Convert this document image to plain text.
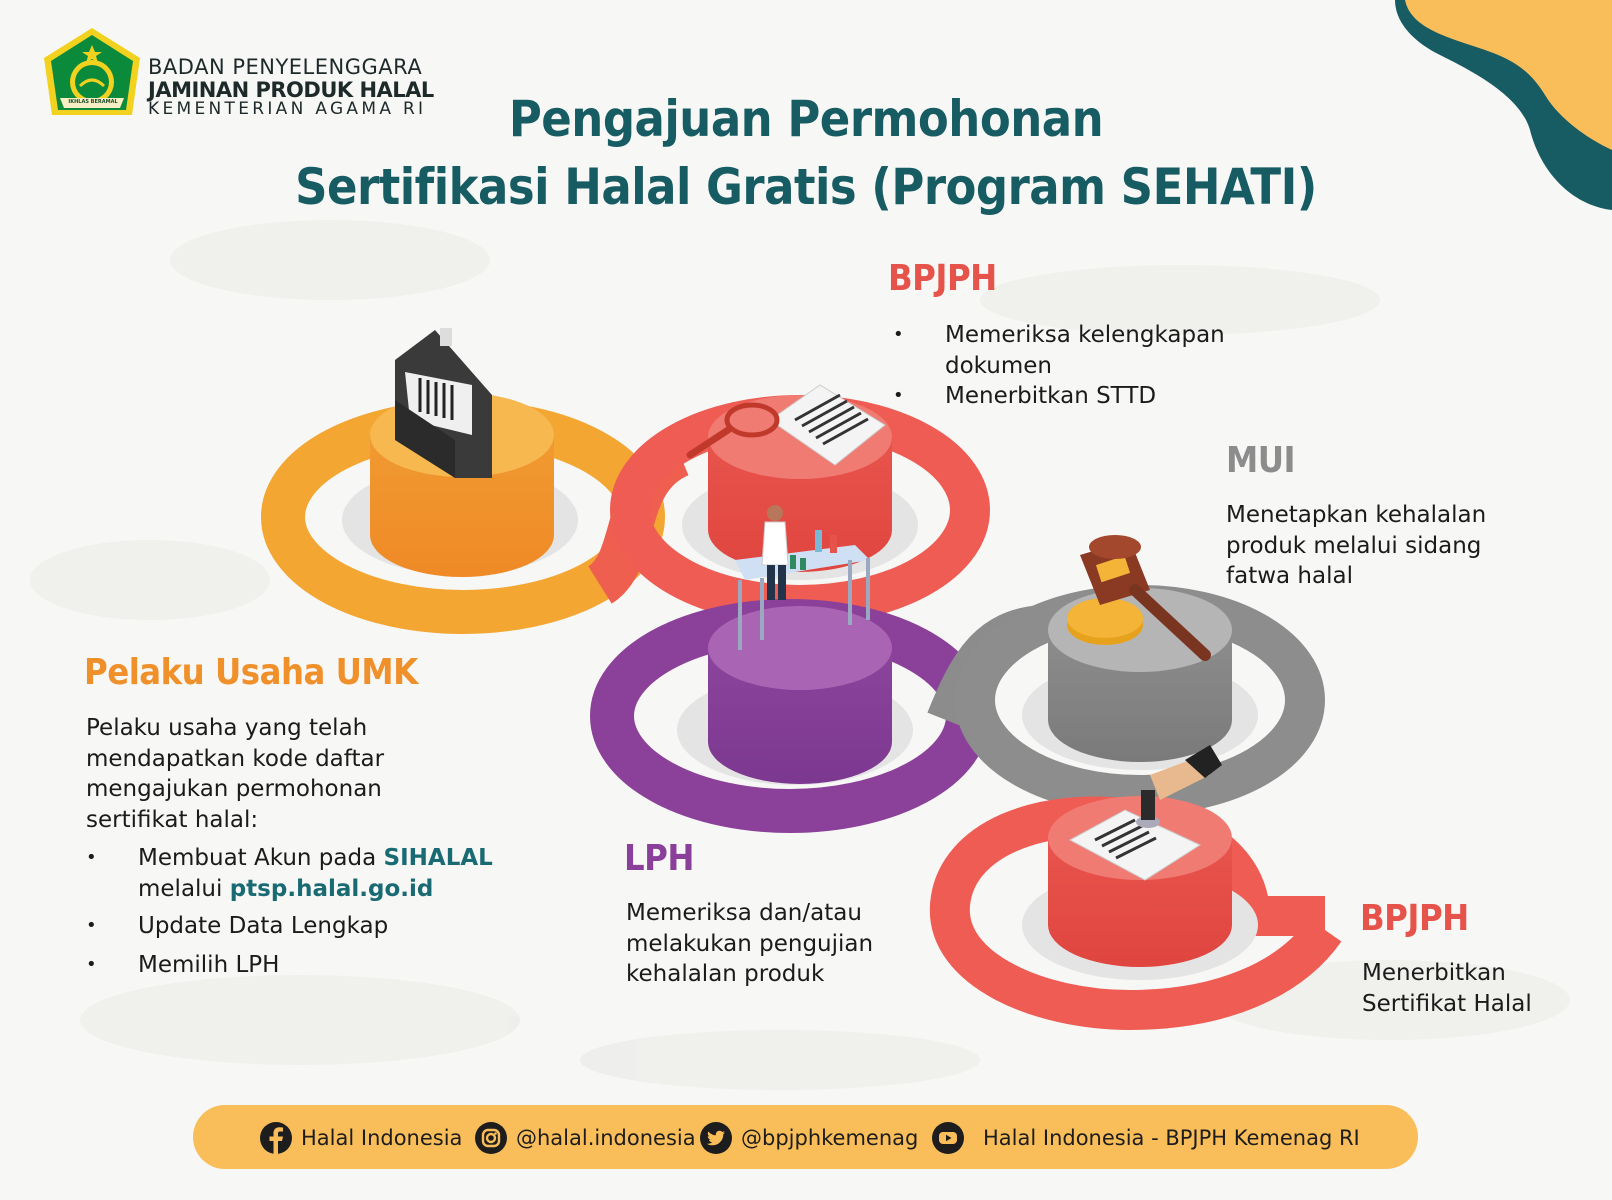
IKHLAS BERAMAL
BADAN PENYELENGGARA
JAMINAN PRODUK HALAL
KEMENTERIAN AGAMA RI	Pengajuan Permohonan
Sertifikasi Halal Gratis (Program SEHATI)
BPJPH
• Memeriksa kelengkapan
dokumen
• Menerbitkan STTD
MUI
Menetapkan kehalalan
produk melalui sidang
fatwa halal
Pelaku Usaha UMK
Pelaku usaha yang telah
mendapatkan kode daftar
mengajukan permohonan
sertifikat halal:
• Membuat Akun pada SIHALAL
melalui ptsp.halal.go.id
• Update Data Lengkap
• Memilih LPH
LPH
Memeriksa dan/atau
melakukan pengujian
kehalalan produk
BPJPH
Menerbitkan
Sertifikat Halal
Halal Indonesia	@halal.indonesia @bpjphkemenag	Halal Indonesia - BPJPH Kemenag RI
